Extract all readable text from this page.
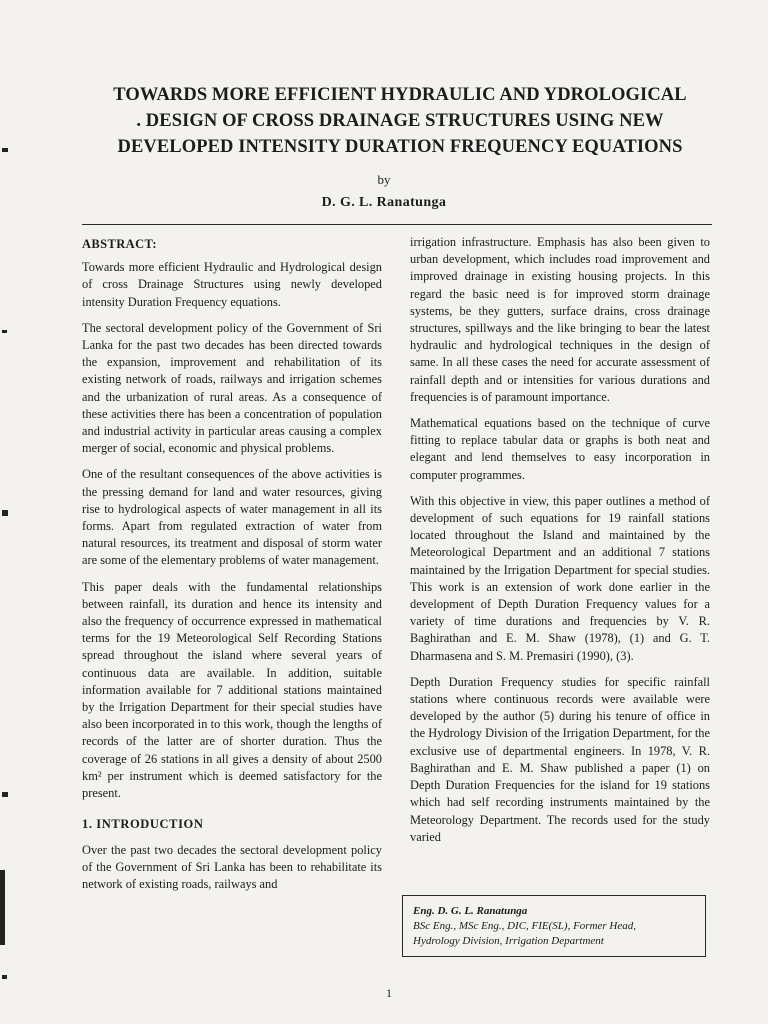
TOWARDS MORE EFFICIENT HYDRAULIC AND YDROLOGICAL
. DESIGN OF CROSS DRAINAGE STRUCTURES USING NEW
DEVELOPED INTENSITY DURATION FREQUENCY EQUATIONS
by
D. G. L. Ranatunga
ABSTRACT:

Towards more efficient Hydraulic and Hydrological design of cross Drainage Structures using newly developed intensity Duration Frequency equations.

The sectoral development policy of the Government of Sri Lanka for the past two decades has been directed towards the expansion, improvement and rehabilitation of its existing network of roads, railways and irrigation schemes and the urbanization of rural areas. As a consequence of these activities there has been a concentration of population and industrial activity in particular areas causing a complex merger of social, economic and physical problems.

One of the resultant consequences of the above activities is the pressing demand for land and water resources, giving rise to hydrological aspects of water management in all its forms. Apart from regulated extraction of water from natural resources, its treatment and disposal of storm water are some of the elementary problems of water management.

This paper deals with the fundamental relationships between rainfall, its duration and hence its intensity and also the frequency of occurrence expressed in mathematical terms for the 19 Meteorological Self Recording Stations spread throughout the island where several years of continuous data are available. In addition, suitable information available for 7 additional stations maintained by the Irrigation Department for their special studies have also been incorporated in to this work, though the lengths of records of the latter are of shorter duration. Thus the coverage of 26 stations in all gives a density of about 2500 km² per instrument which is deemed satisfactory for the present.

1. INTRODUCTION

Over the past two decades the sectoral development policy of the Government of Sri Lanka has been to rehabilitate its network of existing roads, railways and

irrigation infrastructure. Emphasis has also been given to urban development, which includes road improvement and improved drainage in existing housing projects. In this regard the basic need is for improved storm drainage systems, be they gutters, surface drains, cross drainage structures, spillways and the like bringing to bear the latest hydraulic and hydrological techniques in the design of same. In all these cases the need for accurate assessment of rainfall depth and or intensities for various durations and frequencies is of paramount importance.

Mathematical equations based on the technique of curve fitting to replace tabular data or graphs is both neat and elegant and lend themselves to easy incorporation in computer programmes.

With this objective in view, this paper outlines a method of development of such equations for 19 rainfall stations located throughout the Island and maintained by the Meteorological Department and an additional 7 stations maintained by the Irrigation Department for special studies. This work is an extension of work done earlier in the development of Depth Duration Frequency values for a variety of time durations and frequencies by V. R. Baghirathan and E. M. Shaw (1978), (1) and G. T. Dharmasena and S. M. Premasiri (1990), (3).

Depth Duration Frequency studies for specific rainfall stations where continuous records were available were developed by the author (5) during his tenure of office in the Hydrology Division of the Irrigation Department, for the exclusive use of departmental engineers. In 1978, V. R. Baghirathan and E. M. Shaw published a paper (1) on Depth Duration Frequencies for the island for 19 stations which had self recording instruments maintained by the Meteorology Department. The records used for the study varied

Eng. D. G. L. Ranatunga
BSc Eng., MSc Eng., DIC, FIE(SL), Former Head,
Hydrology Division, Irrigation Department
1
